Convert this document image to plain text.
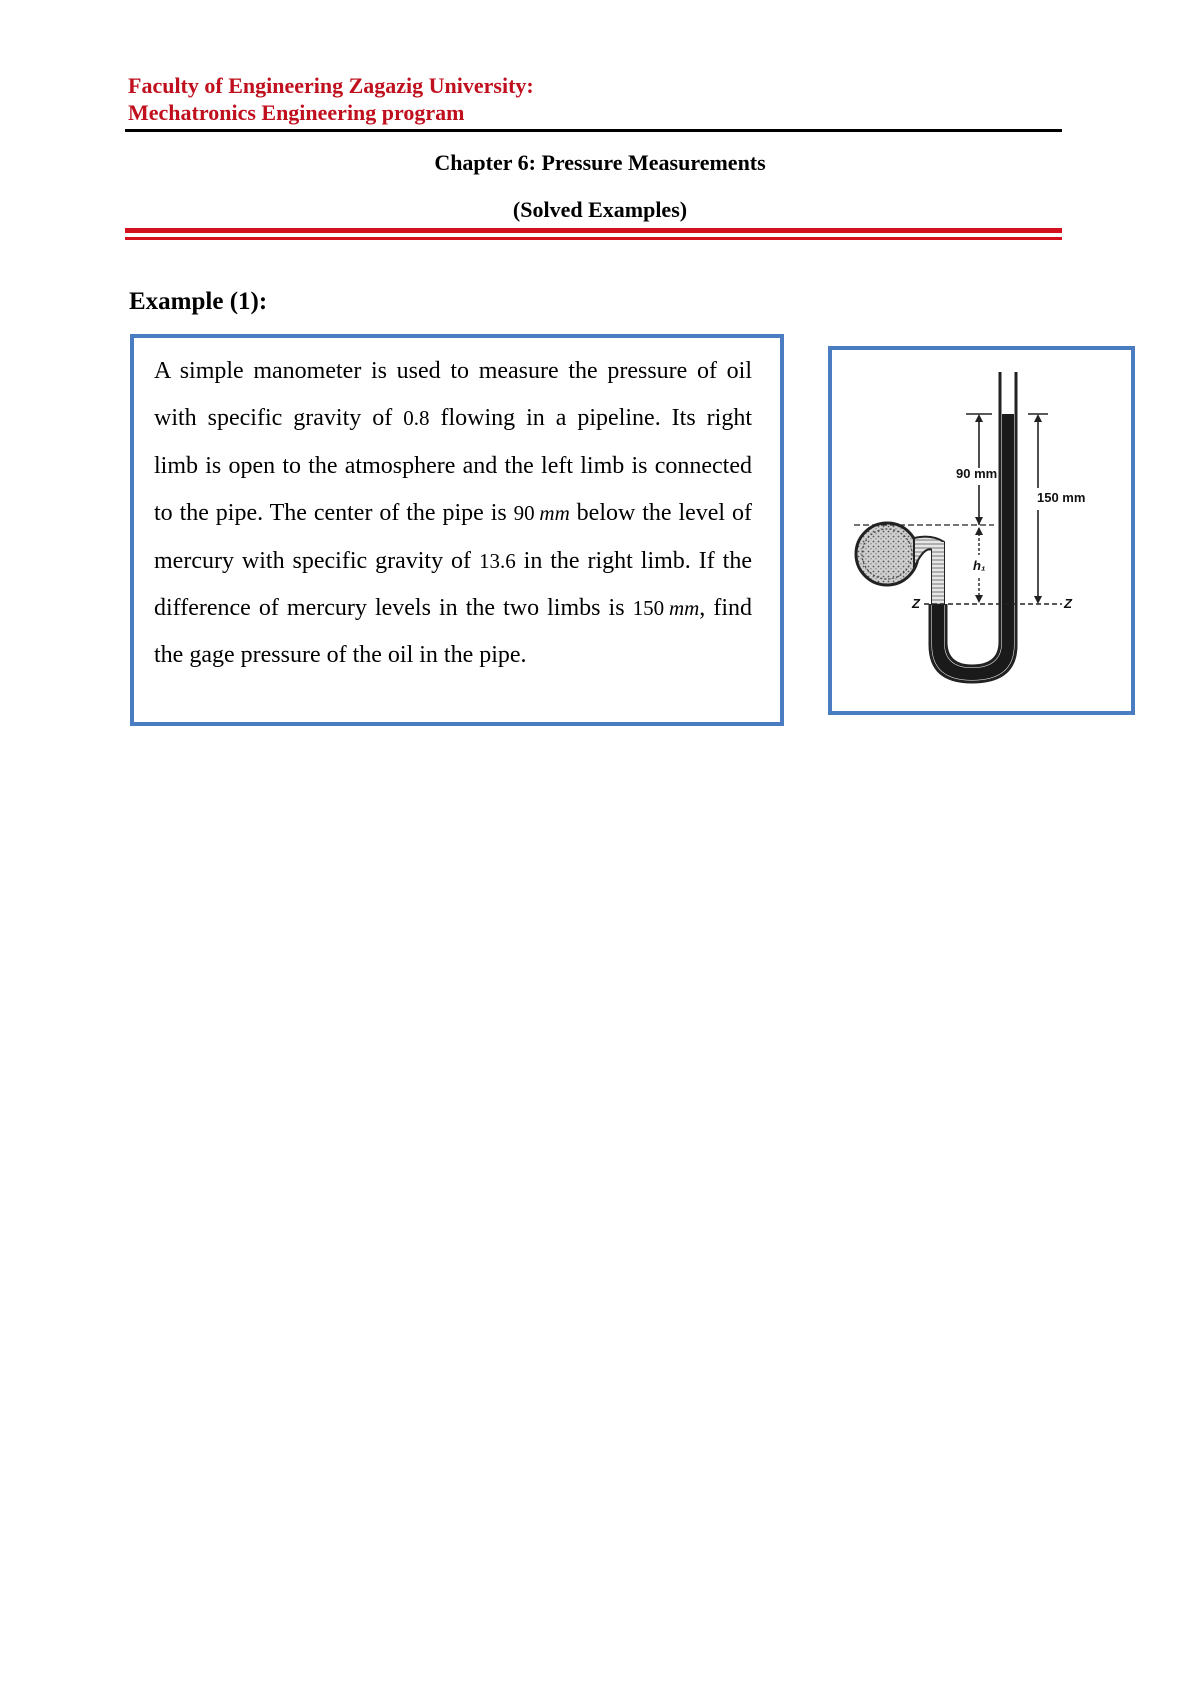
Faculty of Engineering Zagazig University:
Mechatronics Engineering program
Chapter 6: Pressure Measurements
(Solved Examples)
Example (1):

A simple manometer is used to measure the pressure of oil with specific gravity of 0.8 flowing in a pipeline. Its right limb is open to the atmosphere and the left limb is connected to the pipe. The center of the pipe is 90  mm below the level of mercury with specific gravity of 13.6 in the right limb. If the difference of mercury levels in the two limbs is 150  mm, find the gage pressure of the oil in the pipe.

90 mm
150 mm
h₁
Z	Z
